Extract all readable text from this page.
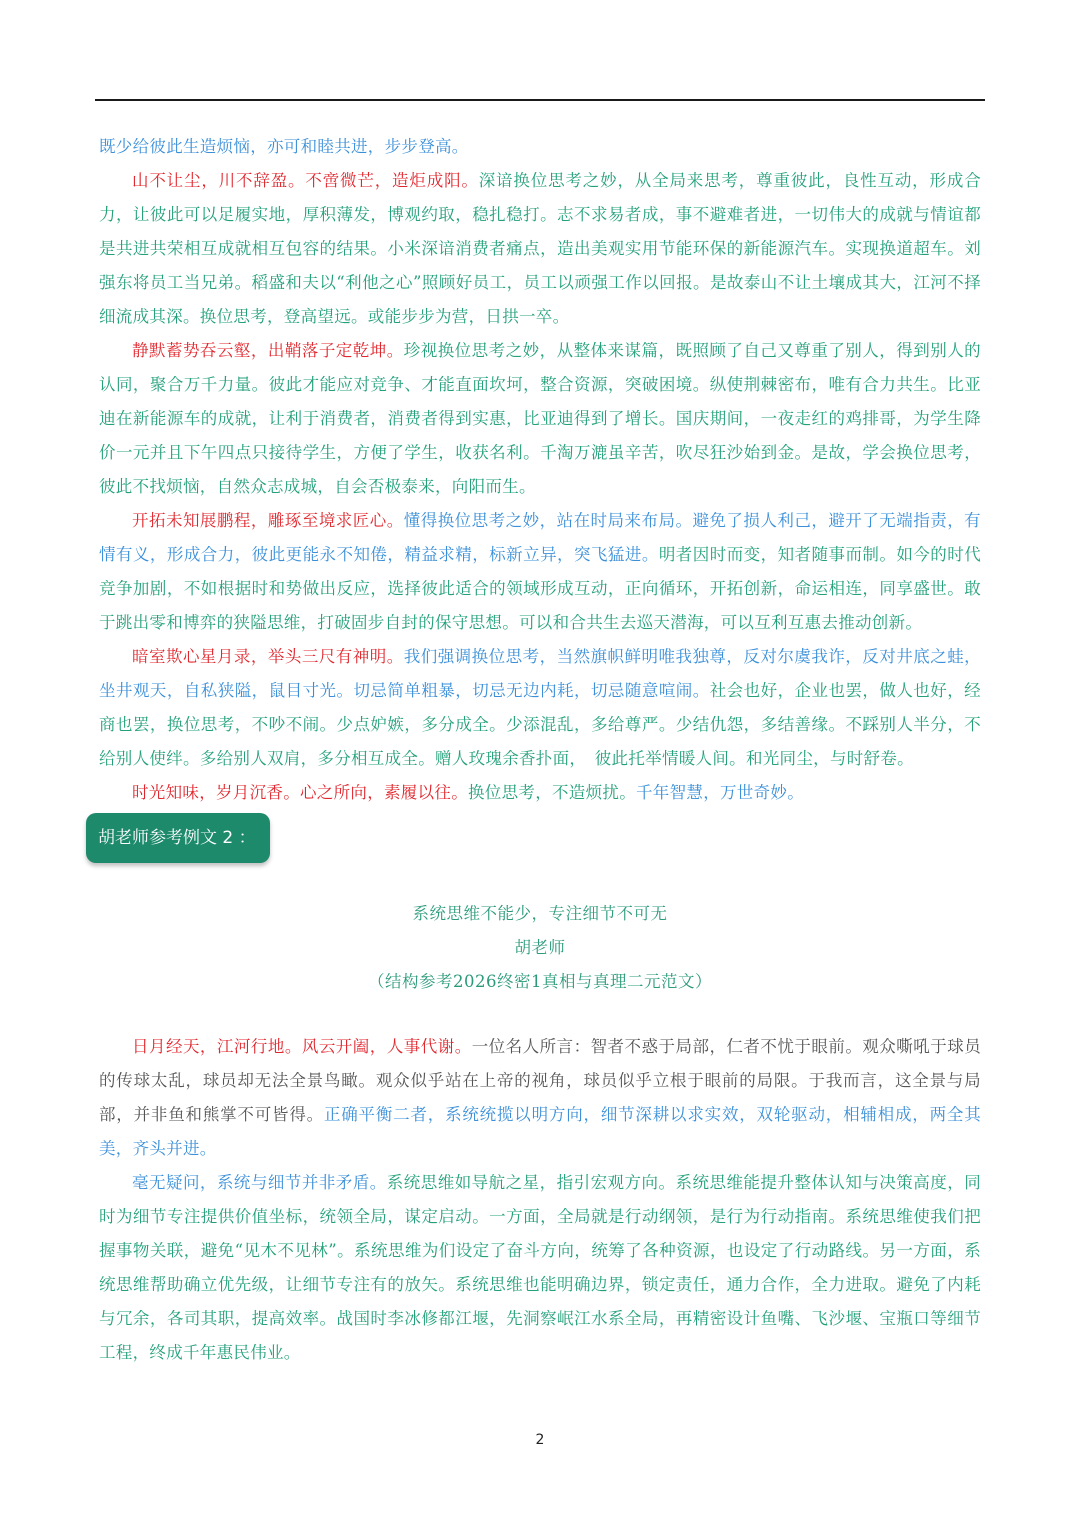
既少给彼此生造烦恼，亦可和睦共进，步步登高。

山不让尘，川不辞盈。不啻微芒，造炬成阳。深谙换位思考之妙，从全局来思考，尊重彼此，良性互动，形成合力，让彼此可以足履实地，厚积薄发，博观约取，稳扎稳打。志不求易者成，事不避难者进，一切伟大的成就与情谊都是共进共荣相互成就相互包容的结果。小米深谙消费者痛点，造出美观实用节能环保的新能源汽车。实现换道超车。刘强东将员工当兄弟。稻盛和夫以“利他之心”照顾好员工，员工以顽强工作以回报。是故泰山不让土壤成其大，江河不择细流成其深。换位思考，登高望远。或能步步为营，日拱一卒。

静默蓄势吞云壑，出鞘落子定乾坤。珍视换位思考之妙，从整体来谋篇，既照顾了自己又尊重了别人，得到别人的认同，聚合万千力量。彼此才能应对竞争、才能直面坎坷，整合资源，突破困境。纵使荆棘密布，唯有合力共生。比亚迪在新能源车的成就，让利于消费者，消费者得到实惠，比亚迪得到了增长。国庆期间，一夜走红的鸡排哥，为学生降价一元并且下午四点只接待学生，方便了学生，收获名利。千淘万漉虽辛苦，吹尽狂沙始到金。是故，学会换位思考，彼此不找烦恼，自然众志成城，自会否极泰来，向阳而生。

开拓未知展鹏程，雕琢至境求匠心。懂得换位思考之妙，站在时局来布局。避免了损人利己，避开了无端指责，有情有义，形成合力，彼此更能永不知倦，精益求精，标新立异，突飞猛进。明者因时而变，知者随事而制。如今的时代竞争加剧，不如根据时和势做出反应，选择彼此适合的领域形成互动，正向循环，开拓创新，命运相连，同享盛世。敢于跳出零和博弈的狭隘思维，打破固步自封的保守思想。可以和合共生去巡天潜海，可以互利互惠去推动创新。

暗室欺心星月录，举头三尺有神明。我们强调换位思考，当然旗帜鲜明唯我独尊，反对尔虞我诈，反对井底之蛙，坐井观天，自私狭隘，鼠目寸光。切忌简单粗暴，切忌无边内耗，切忌随意喧闹。社会也好，企业也罢，做人也好，经商也罢，换位思考，不吵不闹。少点妒嫉，多分成全。少添混乱，多给尊严。少结仇怨，多结善缘。不踩别人半分，不给别人使绊。多给别人双肩，多分相互成全。赠人玫瑰余香扑面，　彼此托举情暖人间。和光同尘，与时舒卷。

时光知味，岁月沉香。心之所向，素履以往。换位思考，不造烦扰。千年智慧，万世奇妙。

胡老师参考例文 2 ：
系统思维不能少，专注细节不可无
胡老师
（结构参考2026终密1真相与真理二元范文）

日月经天，江河行地。风云开阖，人事代谢。一位名人所言：智者不惑于局部，仁者不忧于眼前。观众嘶吼于球员的传球太乱，球员却无法全景鸟瞰。观众似乎站在上帝的视角，球员似乎立根于眼前的局限。于我而言，这全景与局部，并非鱼和熊掌不可皆得。正确平衡二者，系统统揽以明方向，细节深耕以求实效，双轮驱动，相辅相成，两全其美，齐头并进。

毫无疑问，系统与细节并非矛盾。系统思维如导航之星，指引宏观方向。系统思维能提升整体认知与决策高度，同时为细节专注提供价值坐标，统领全局，谋定启动。一方面，全局就是行动纲领，是行为行动指南。系统思维使我们把握事物关联，避免“见木不见林”。系统思维为们设定了奋斗方向，统筹了各种资源，也设定了行动路线。另一方面，系统思维帮助确立优先级，让细节专注有的放矢。系统思维也能明确边界，锁定责任，通力合作，全力进取。避免了内耗与冗余，各司其职，提高效率。战国时李冰修都江堰，先洞察岷江水系全局，再精密设计鱼嘴、飞沙堰、宝瓶口等细节工程，终成千年惠民伟业。

2
